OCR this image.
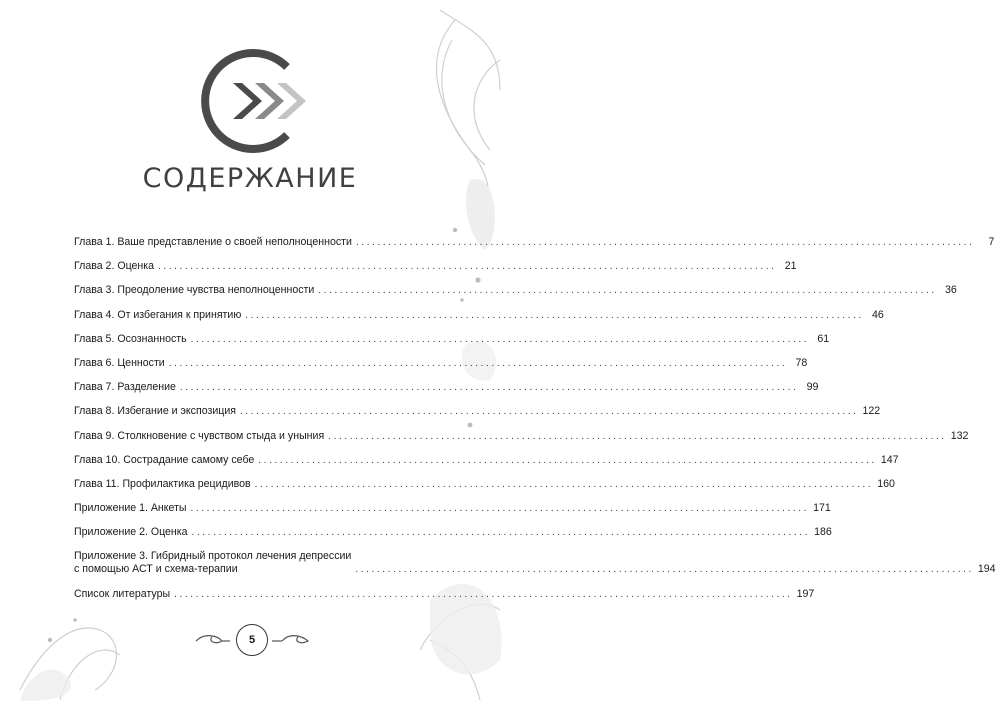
СОДЕРЖАНИЕ
Глава 1. Ваше представление о своей неполноценности ...................................................................................................................	7
Глава 2. Оценка ................................................................................................................... 21
Глава 3. Преодоление чувства неполноценности ................................................................................................................... 36
Глава 4. От избегания к принятию ................................................................................................................... 46
Глава 5. Осознанность ................................................................................................................... 61
Глава 6. Ценности ................................................................................................................... 78
Глава 7. Разделение ................................................................................................................... 99
Глава 8. Избегание и экспозиция ................................................................................................................... 122
Глава 9. Столкновение с чувством стыда и уныния ................................................................................................................... 132
Глава 10. Сострадание самому себе ................................................................................................................... 147
Глава 11. Профилактика рецидивов ................................................................................................................... 160
Приложение 1. Анкеты ................................................................................................................... 171
Приложение 2. Оценка ................................................................................................................... 186
Приложение 3. Гибридный протокол лечения депрессии
с помощью АСТ и схема-терапии	................................................................................................................... 194
Список литературы ................................................................................................................... 197
5
